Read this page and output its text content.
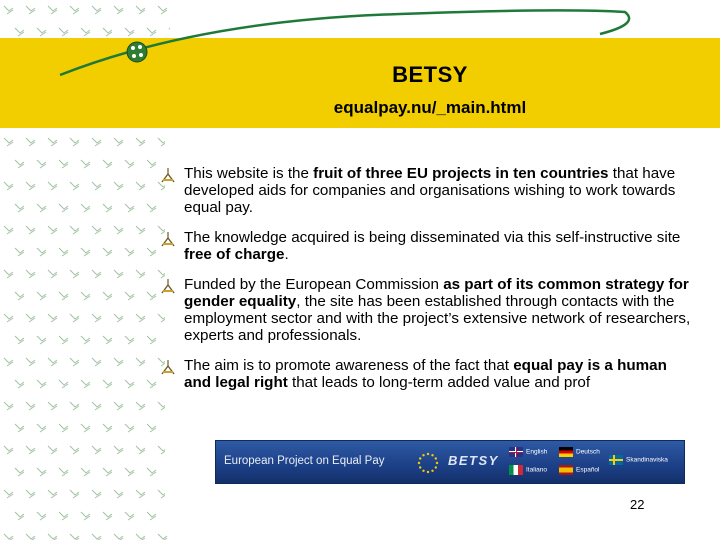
BETSY
equalpay.nu/_main.html
This website is the fruit of three EU projects in ten countries that have developed aids for companies and organisations wishing to work towards equal pay.
The knowledge acquired is being disseminated via this self-instructive site free of charge.
Funded by the European Commission as part of its common strategy for gender equality, the site has been established through contacts with the employment sector and with the project’s extensive network of researchers, experts and professionals.
The aim is to promote awareness of the fact that equal pay is a human and legal right that leads to long-term added value and prof
European Project on Equal Pay	BETSY
English	Deutsch
Italiano	Español
Skandinaviska
22
